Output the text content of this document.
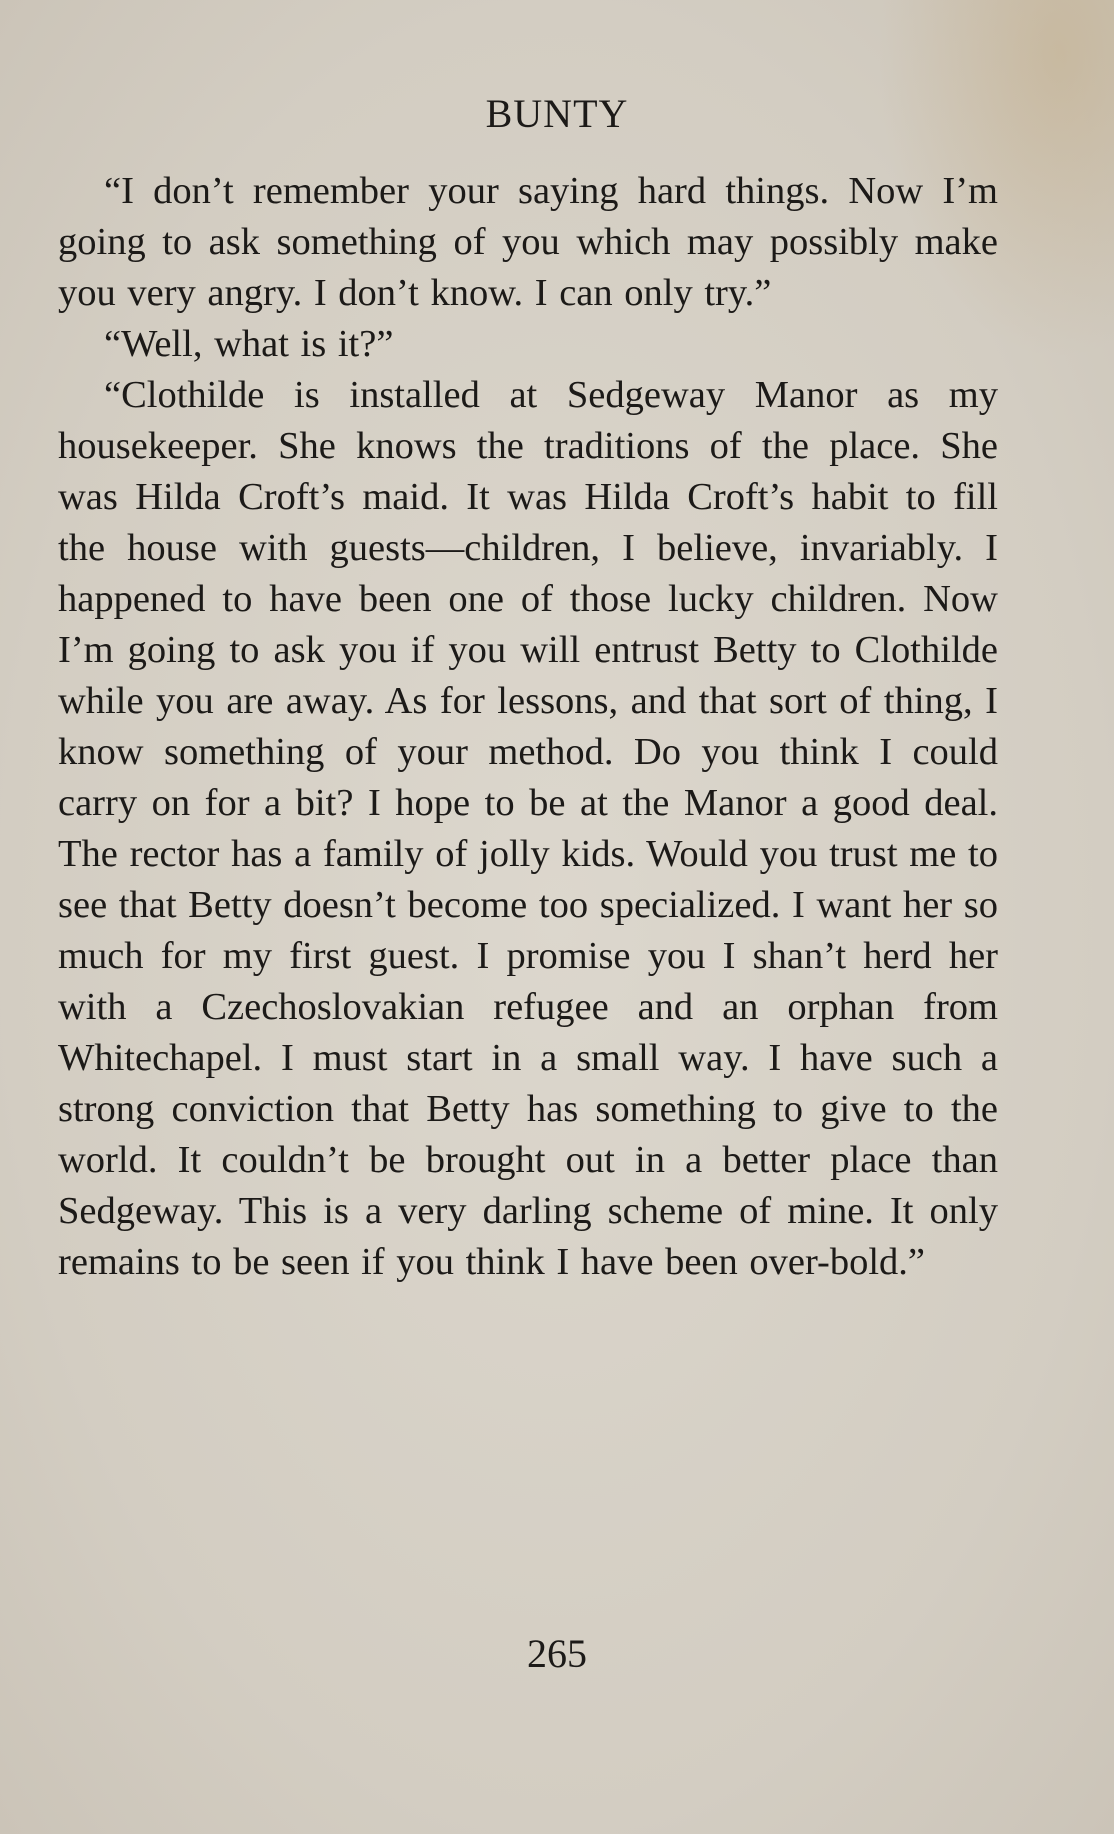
BUNTY

“I don’t remember your saying hard things. Now I’m going to ask something of you which may possibly make you very angry. I don’t know. I can only try.”

“Well, what is it?”

“Clothilde is installed at Sedgeway Manor as my housekeeper. She knows the traditions of the place. She was Hilda Croft’s maid. It was Hilda Croft’s habit to fill the house with guests—children, I believe, invariably. I happened to have been one of those lucky children. Now I’m going to ask you if you will entrust Betty to Clothilde while you are away. As for lessons, and that sort of thing, I know something of your method. Do you think I could carry on for a bit? I hope to be at the Manor a good deal. The rector has a family of jolly kids. Would you trust me to see that Betty doesn’t become too specialized. I want her so much for my first guest. I promise you I shan’t herd her with a Czechoslovakian refugee and an orphan from Whitechapel. I must start in a small way. I have such a strong conviction that Betty has something to give to the world. It couldn’t be brought out in a better place than Sedgeway. This is a very darling scheme of mine. It only remains to be seen if you think I have been over-bold.”

265
